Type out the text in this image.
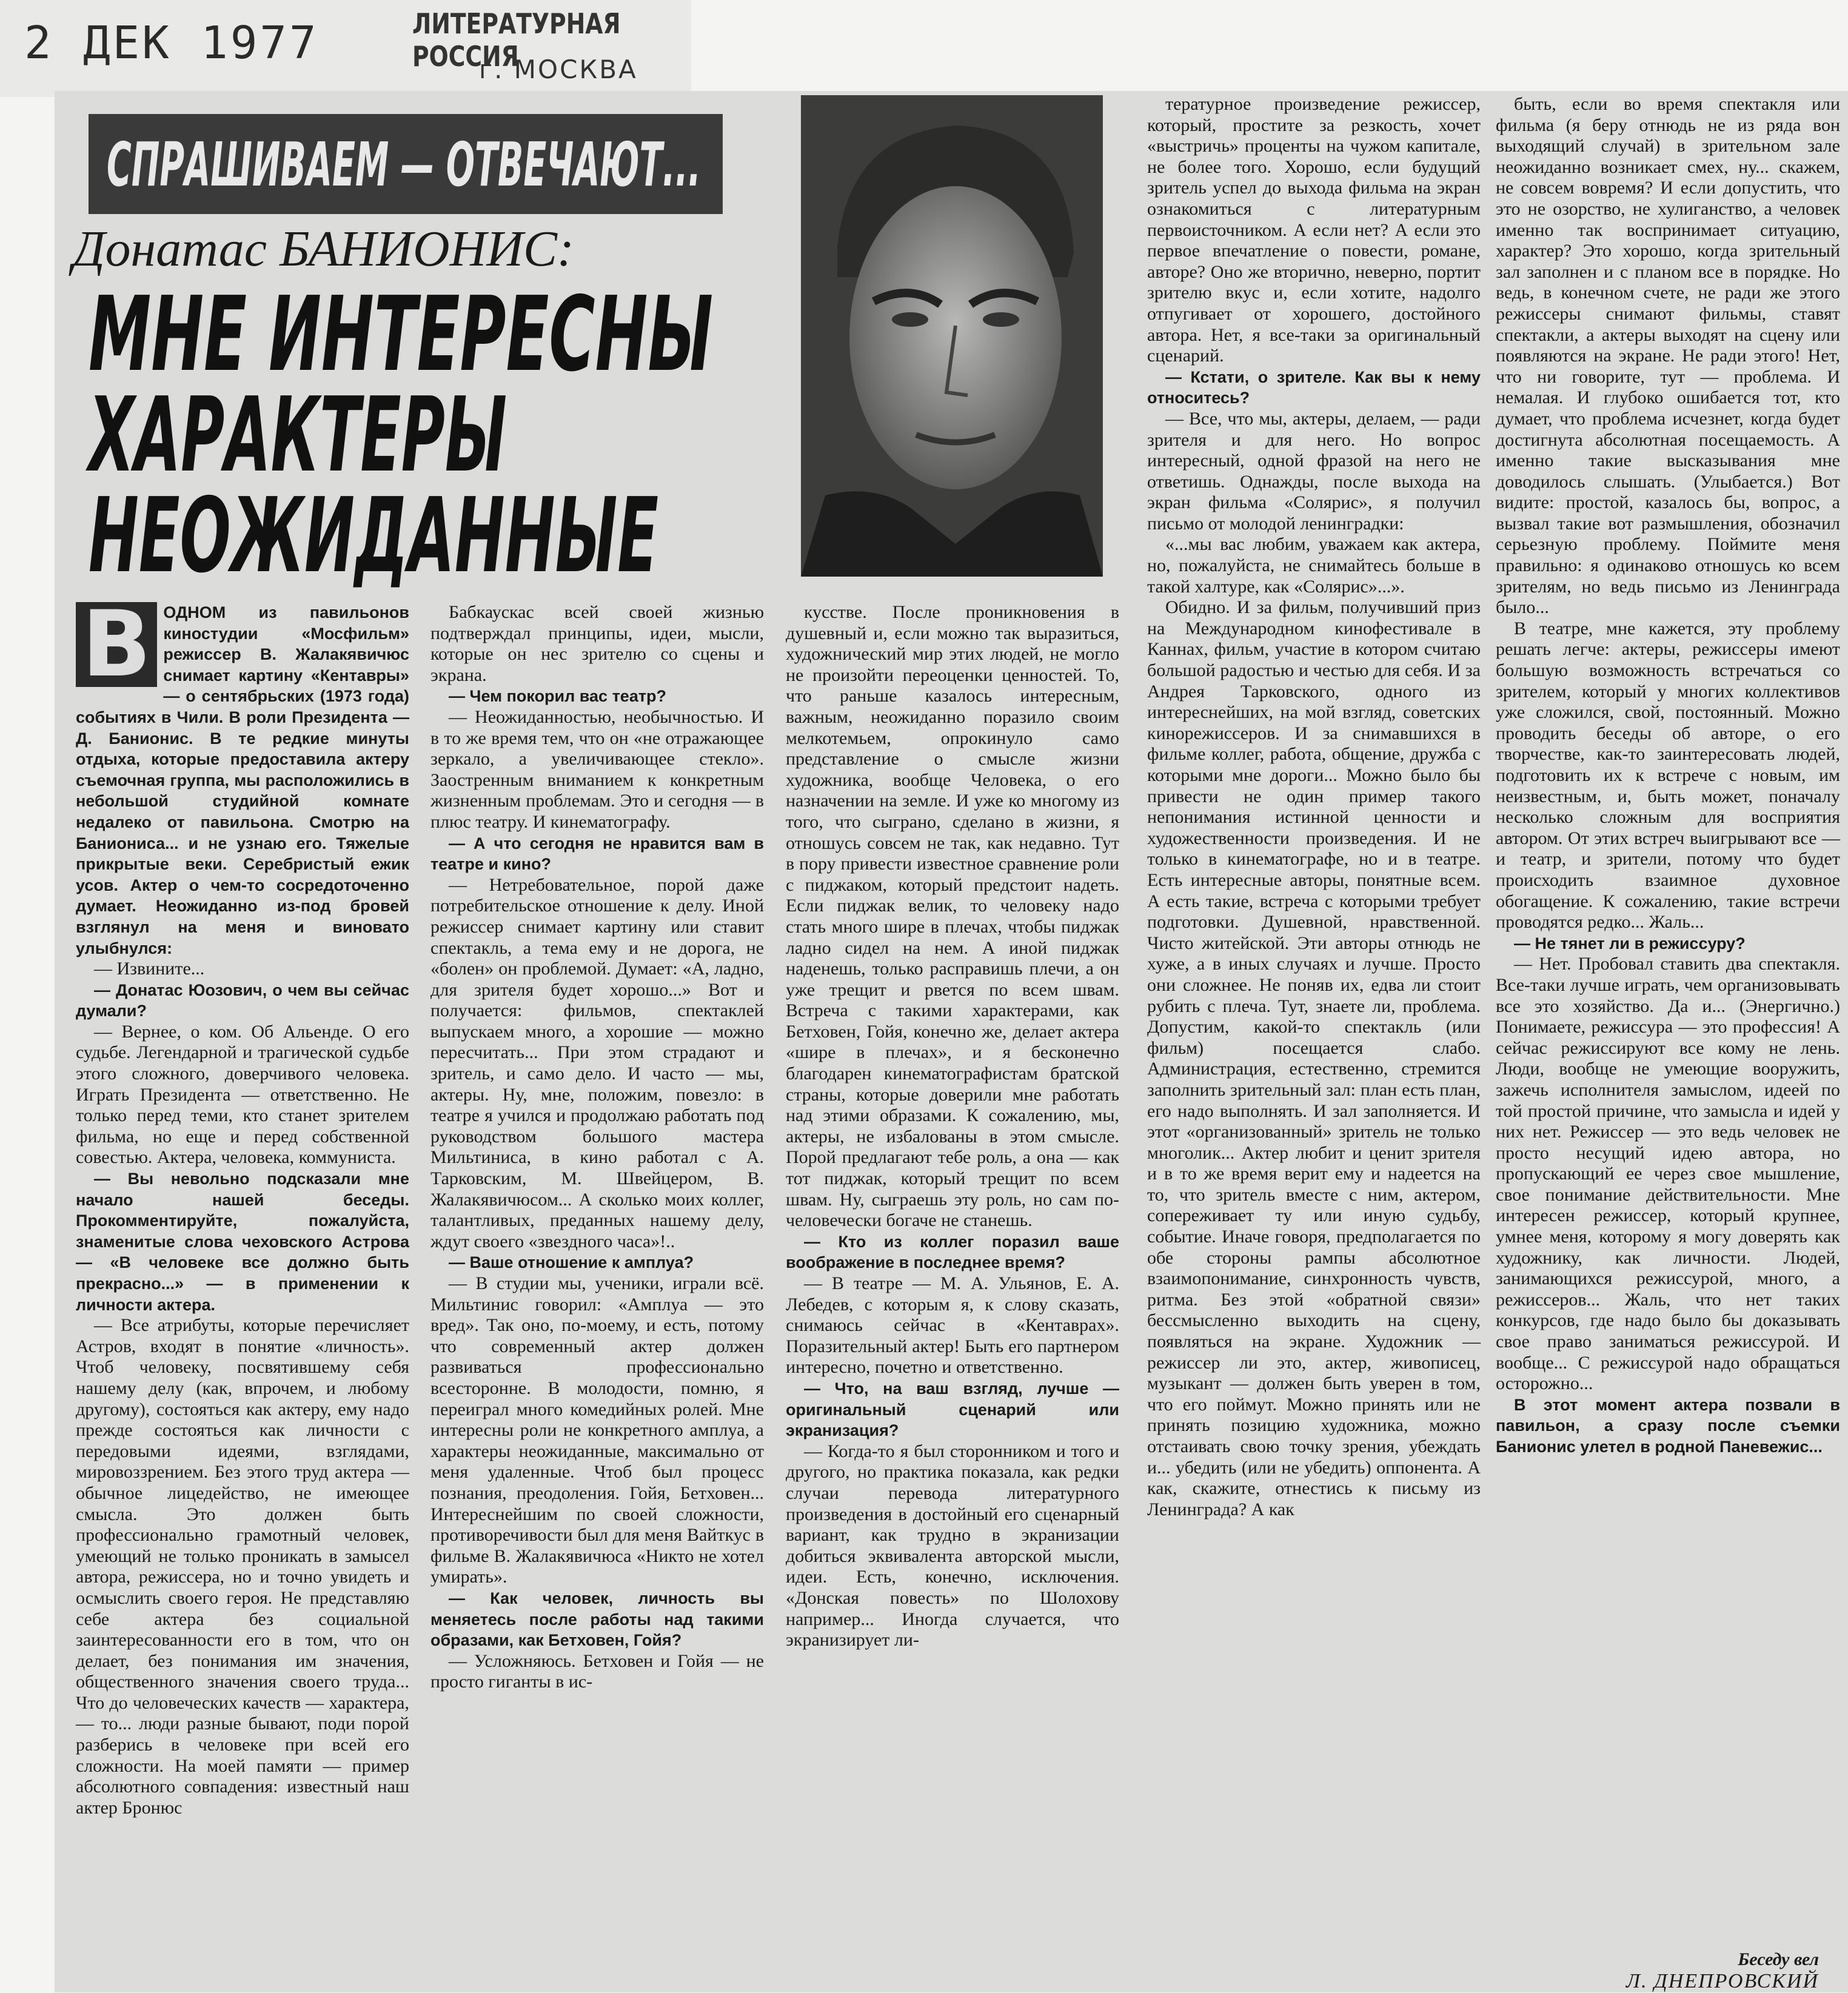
2 ДЕК 1977	ЛИТЕРАТУРНАЯ РОССИЯ
г. МОСКВА
СПРАШИВАЕМ — ОТВЕЧАЮТ...
Донатас БАНИОНИС:
МНЕ ИНТЕРЕСНЫ
ХАРАКТЕРЫ
НЕОЖИДАННЫЕ
В ОДНОМ из павильонов киностудии «Мосфильм» режиссер В. Жалакявичюс снимает картину «Кентавры» — о сентябрьских (1973 года) событиях в Чили. В роли Президента — Д. Банионис. В те редкие минуты отдыха, которые предоставила актеру съемочная группа, мы расположились в небольшой студийной комнате недалеко от павильона. Смотрю на Баниониса... и не узнаю его. Тяжелые прикрытые веки. Серебристый ежик усов. Актер о чем-то сосредоточенно думает. Неожиданно из-под бровей взглянул на меня и виновато улыбнулся:

— Извините...

— Донатас Юозович, о чем вы сейчас думали?

— Вернее, о ком. Об Альенде. О его судьбе. Легендарной и трагической судьбе этого сложного, доверчивого человека. Играть Президента — ответственно. Не только перед теми, кто станет зрителем фильма, но еще и перед собственной совестью. Актера, человека, коммуниста.

— Вы невольно подсказали мне начало нашей беседы. Прокомментируйте, пожалуйста, знаменитые слова чеховского Астрова — «В человеке все должно быть прекрасно...» — в применении к личности актера.

— Все атрибуты, которые перечисляет Астров, входят в понятие «личность». Чтоб человеку, посвятившему себя нашему делу (как, впрочем, и любому другому), состояться как актеру, ему надо прежде состояться как личности с передовыми идеями, взглядами, мировоззрением. Без этого труд актера — обычное лицедейство, не имеющее смысла. Это должен быть профессионально грамотный человек, умеющий не только проникать в замысел автора, режиссера, но и точно увидеть и осмыслить своего героя. Не представляю себе актера без социальной заинтересованности его в том, что он делает, без понимания им значения, общественного значения своего труда... Что до человеческих качеств — характера, — то... люди разные бывают, поди порой разберись в человеке при всей его сложности. На моей памяти — пример абсолютного совпадения: известный наш актер Бронюс

Бабкаускас всей своей жизнью подтверждал принципы, идеи, мысли, которые он нес зрителю со сцены и экрана.

— Чем покорил вас театр?

— Неожиданностью, необычностью. И в то же время тем, что он «не отражающее зеркало, а увеличивающее стекло». Заостренным вниманием к конкретным жизненным проблемам. Это и сегодня — в плюс театру. И кинематографу.

— А что сегодня не нравится вам в театре и кино?

— Нетребовательное, порой даже потребительское отношение к делу. Иной режиссер снимает картину или ставит спектакль, а тема ему и не дорога, не «болен» он проблемой. Думает: «А, ладно, для зрителя будет хорошо...» Вот и получается: фильмов, спектаклей выпускаем много, а хорошие — можно пересчитать... При этом страдают и зритель, и само дело. И часто — мы, актеры. Ну, мне, положим, повезло: в театре я учился и продолжаю работать под руководством большого мастера Мильтиниса, в кино работал с А. Тарковским, М. Швейцером, В. Жалакявичюсом... А сколько моих коллег, талантливых, преданных нашему делу, ждут своего «звездного часа»!..

— Ваше отношение к амплуа?

— В студии мы, ученики, играли всё. Мильтинис говорил: «Амплуа — это вред». Так оно, по-моему, и есть, потому что современный актер должен развиваться профессионально всесторонне. В молодости, помню, я переиграл много комедийных ролей. Мне интересны роли не конкретного амплуа, а характеры неожиданные, максимально от меня удаленные. Чтоб был процесс познания, преодоления. Гойя, Бетховен... Интереснейшим по своей сложности, противоречивости был для меня Вайткус в фильме В. Жалакявичюса «Никто не хотел умирать».

— Как человек, личность вы меняетесь после работы над такими образами, как Бетховен, Гойя?

— Усложняюсь. Бетховен и Гойя — не просто гиганты в ис-

кусстве. После проникновения в душевный и, если можно так выразиться, художнический мир этих людей, не могло не произойти переоценки ценностей. То, что раньше казалось интересным, важным, неожиданно поразило своим мелкотемьем, опрокинуло само представление о смысле жизни художника, вообще Человека, о его назначении на земле. И уже ко многому из того, что сыграно, сделано в жизни, я отношусь совсем не так, как недавно. Тут в пору привести известное сравнение роли с пиджаком, который предстоит надеть. Если пиджак велик, то человеку надо стать много шире в плечах, чтобы пиджак ладно сидел на нем. А иной пиджак наденешь, только расправишь плечи, а он уже трещит и рвется по всем швам. Встреча с такими характерами, как Бетховен, Гойя, конечно же, делает актера «шире в плечах», и я бесконечно благодарен кинематографистам братской страны, которые доверили мне работать над этими образами. К сожалению, мы, актеры, не избалованы в этом смысле. Порой предлагают тебе роль, а она — как тот пиджак, который трещит по всем швам. Ну, сыграешь эту роль, но сам по-человечески богаче не станешь.

— Кто из коллег поразил ваше воображение в последнее время?

— В театре — М. А. Ульянов, Е. А. Лебедев, с которым я, к слову сказать, снимаюсь сейчас в «Кентаврах». Поразительный актер! Быть его партнером интересно, почетно и ответственно.

— Что, на ваш взгляд, лучше — оригинальный сценарий или экранизация?

— Когда-то я был сторонником и того и другого, но практика показала, как редки случаи перевода литературного произведения в достойный его сценарный вариант, как трудно в экранизации добиться эквивалента авторской мысли, идеи. Есть, конечно, исключения. «Донская повесть» по Шолохову например... Иногда случается, что экранизирует ли-

тературное произведение режиссер, который, простите за резкость, хочет «выстричь» проценты на чужом капитале, не более того. Хорошо, если будущий зритель успел до выхода фильма на экран ознакомиться с литературным первоисточником. А если нет? А если это первое впечатление о повести, романе, авторе? Оно же вторично, неверно, портит зрителю вкус и, если хотите, надолго отпугивает от хорошего, достойного автора. Нет, я все-таки за оригинальный сценарий.

— Кстати, о зрителе. Как вы к нему относитесь?

— Все, что мы, актеры, делаем, — ради зрителя и для него. Но вопрос интересный, одной фразой на него не ответишь. Однажды, после выхода на экран фильма «Солярис», я получил письмо от молодой ленинградки:

«...мы вас любим, уважаем как актера, но, пожалуйста, не снимайтесь больше в такой халтуре, как «Солярис»...».

Обидно. И за фильм, получивший приз на Международном кинофестивале в Каннах, фильм, участие в котором считаю большой радостью и честью для себя. И за Андрея Тарковского, одного из интереснейших, на мой взгляд, советских кинорежиссеров. И за снимавшихся в фильме коллег, работа, общение, дружба с которыми мне дороги... Можно было бы привести не один пример такого непонимания истинной ценности и художественности произведения. И не только в кинематографе, но и в театре. Есть интересные авторы, понятные всем. А есть такие, встреча с которыми требует подготовки. Душевной, нравственной. Чисто житейской. Эти авторы отнюдь не хуже, а в иных случаях и лучше. Просто они сложнее. Не поняв их, едва ли стоит рубить с плеча. Тут, знаете ли, проблема. Допустим, какой-то спектакль (или фильм) посещается слабо. Администрация, естественно, стремится заполнить зрительный зал: план есть план, его надо выполнять. И зал заполняется. И этот «организованный» зритель не только многолик... Актер любит и ценит зрителя и в то же время верит ему и надеется на то, что зритель вместе с ним, актером, сопереживает ту или иную судьбу, событие. Иначе говоря, предполагается по обе стороны рампы абсолютное взаимопонимание, синхронность чувств, ритма. Без этой «обратной связи» бессмысленно выходить на сцену, появляться на экране. Художник — режиссер ли это, актер, живописец, музыкант — должен быть уверен в том, что его поймут. Можно принять или не принять позицию художника, можно отстаивать свою точку зрения, убеждать и... убедить (или не убедить) оппонента. А как, скажите, отнестись к письму из Ленинграда? А как

быть, если во время спектакля или фильма (я беру отнюдь не из ряда вон выходящий случай) в зрительном зале неожиданно возникает смех, ну... скажем, не совсем вовремя? И если допустить, что это не озорство, не хулиганство, а человек именно так воспринимает ситуацию, характер? Это хорошо, когда зрительный зал заполнен и с планом все в порядке. Но ведь, в конечном счете, не ради же этого режиссеры снимают фильмы, ставят спектакли, а актеры выходят на сцену или появляются на экране. Не ради этого! Нет, что ни говорите, тут — проблема. И немалая. И глубоко ошибается тот, кто думает, что проблема исчезнет, когда будет достигнута абсолютная посещаемость. А именно такие высказывания мне доводилось слышать. (Улыбается.) Вот видите: простой, казалось бы, вопрос, а вызвал такие вот размышления, обозначил серьезную проблему. Поймите меня правильно: я одинаково отношусь ко всем зрителям, но ведь письмо из Ленинграда было...

В театре, мне кажется, эту проблему решать легче: актеры, режиссеры имеют большую возможность встречаться со зрителем, который у многих коллективов уже сложился, свой, постоянный. Можно проводить беседы об авторе, о его творчестве, как-то заинтересовать людей, подготовить их к встрече с новым, им неизвестным, и, быть может, поначалу несколько сложным для восприятия автором. От этих встреч выигрывают все — и театр, и зрители, потому что будет происходить взаимное духовное обогащение. К сожалению, такие встречи проводятся редко... Жаль...

— Не тянет ли в режиссуру?

— Нет. Пробовал ставить два спектакля. Все-таки лучше играть, чем организовывать все это хозяйство. Да и... (Энергично.) Понимаете, режиссура — это профессия! А сейчас режиссируют все кому не лень. Люди, вообще не умеющие вооружить, зажечь исполнителя замыслом, идеей по той простой причине, что замысла и идей у них нет. Режиссер — это ведь человек не просто несущий идею автора, но пропускающий ее через свое мышление, свое понимание действительности. Мне интересен режиссер, который крупнее, умнее меня, которому я могу доверять как художнику, как личности. Людей, занимающихся режиссурой, много, а режиссеров... Жаль, что нет таких конкурсов, где надо было бы доказывать свое право заниматься режиссурой. И вообще... С режиссурой надо обращаться осторожно...

В этот момент актера позвали в павильон, а сразу после съемки Банионис улетел в родной Паневежис...

Беседу вел
Л. ДНЕПРОВСКИЙ
